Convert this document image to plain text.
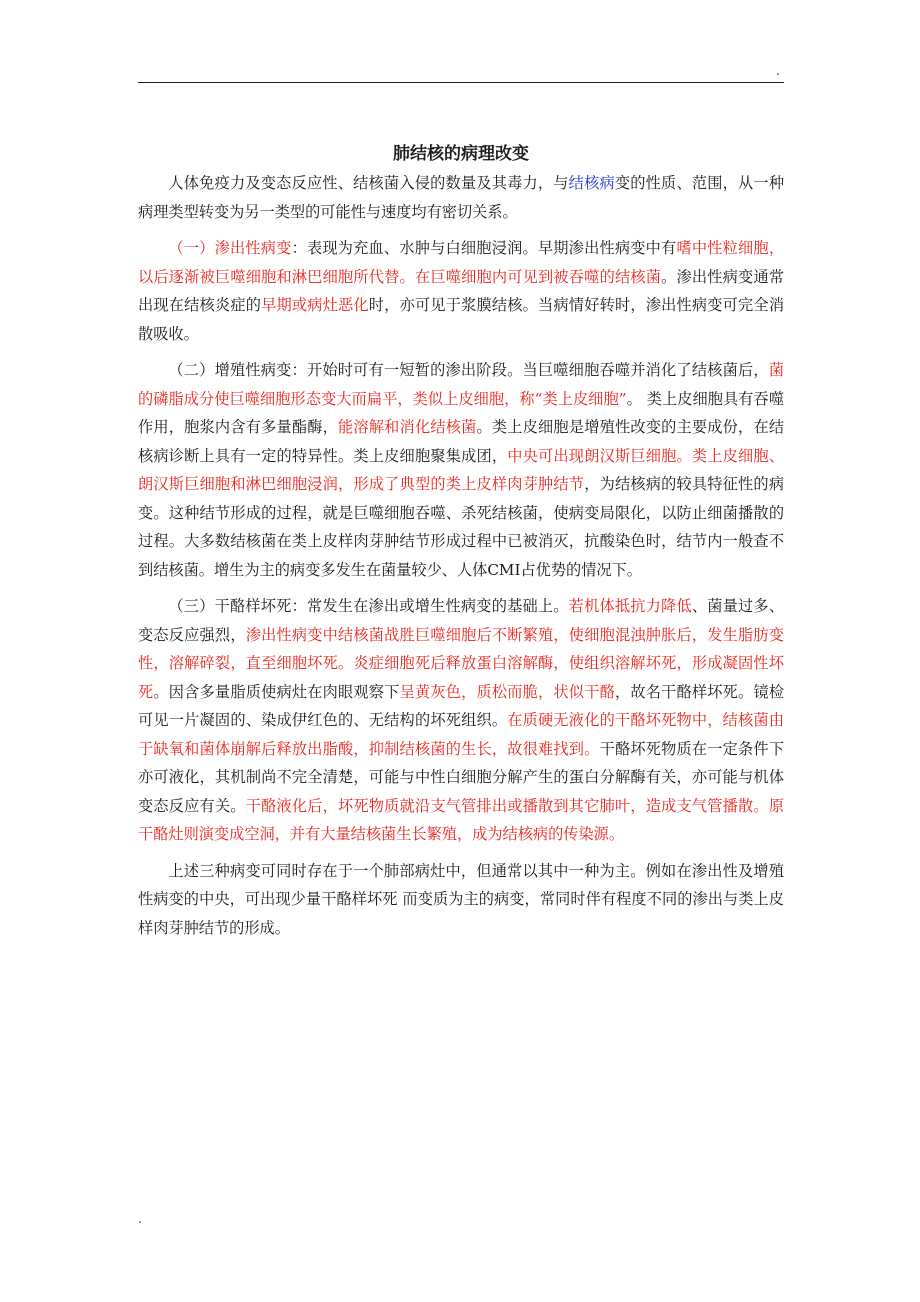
.
肺结核的病理改变

人体免疫力及变态反应性、结核菌入侵的数量及其毒力，与结核病变的性质、范围，从一种病理类型转变为另一类型的可能性与速度均有密切关系。

（一）渗出性病变：表现为充血、水肿与白细胞浸润。早期渗出性病变中有嗜中性粒细胞，以后逐渐被巨噬细胞和淋巴细胞所代替。在巨噬细胞内可见到被吞噬的结核菌。渗出性病变通常出现在结核炎症的早期或病灶恶化时，亦可见于浆膜结核。当病情好转时，渗出性病变可完全消散吸收。

（二）增殖性病变：开始时可有一短暂的渗出阶段。当巨噬细胞吞噬并消化了结核菌后，菌的磷脂成分使巨噬细胞形态变大而扁平，类似上皮细胞，称“类上皮细胞”。 类上皮细胞具有吞噬作用，胞浆内含有多量酯酶，能溶解和消化结核菌。类上皮细胞是增殖性改变的主要成份，在结核病诊断上具有一定的特异性。类上皮细胞聚集成团，中央可出现朗汉斯巨细胞。类上皮细胞、朗汉斯巨细胞和淋巴细胞浸润，形成了典型的类上皮样肉芽肿结节，为结核病的较具特征性的病变。这种结节形成的过程，就是巨噬细胞吞噬、杀死结核菌，使病变局限化，以防止细菌播散的过程。大多数结核菌在类上皮样肉芽肿结节形成过程中已被消灭，抗酸染色时，结节内一般查不到结核菌。增生为主的病变多发生在菌量较少、人体CMI占优势的情况下。

（三）干酪样坏死：常发生在渗出或增生性病变的基础上。若机体抵抗力降低、菌量过多、变态反应强烈，渗出性病变中结核菌战胜巨噬细胞后不断繁殖，使细胞混浊肿胀后，发生脂肪变性，溶解碎裂，直至细胞坏死。炎症细胞死后释放蛋白溶解酶，使组织溶解坏死，形成凝固性坏死。因含多量脂质使病灶在肉眼观察下呈黄灰色，质松而脆，状似干酪，故名干酪样坏死。镜检可见一片凝固的、染成伊红色的、无结构的坏死组织。在质硬无液化的干酪坏死物中，结核菌由于缺氧和菌体崩解后释放出脂酸，抑制结核菌的生长，故很难找到。干酪坏死物质在一定条件下亦可液化，其机制尚不完全清楚，可能与中性白细胞分解产生的蛋白分解酶有关，亦可能与机体变态反应有关。干酪液化后，坏死物质就沿支气管排出或播散到其它肺叶，造成支气管播散。原干酪灶则演变成空洞，并有大量结核菌生长繁殖，成为结核病的传染源。

上述三种病变可同时存在于一个肺部病灶中，但通常以其中一种为主。例如在渗出性及增殖性病变的中央，可出现少量干酪样坏死 而变质为主的病变，常同时伴有程度不同的渗出与类上皮样肉芽肿结节的形成。

.
